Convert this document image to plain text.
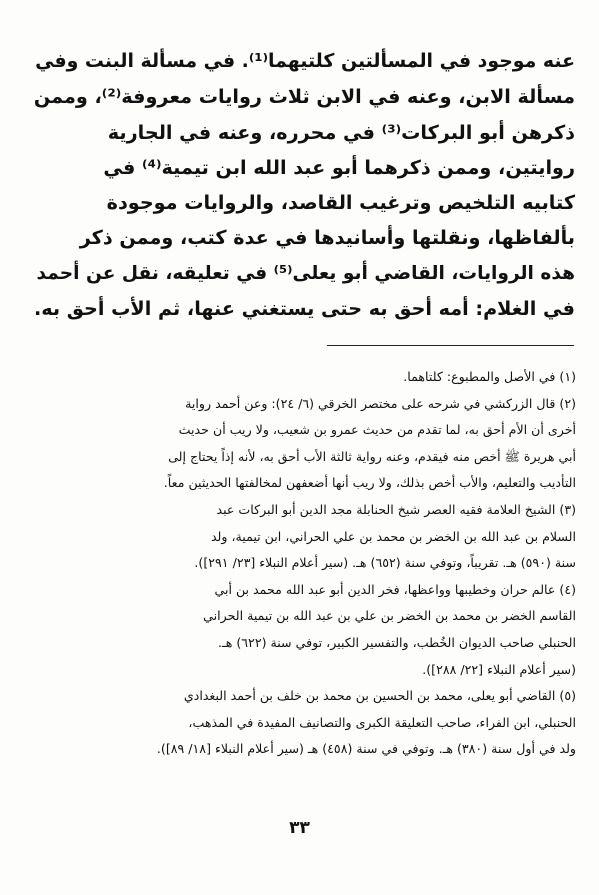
عنه موجود في المسألتين كلتيهما⁽¹⁾. في مسألة البنت وفي
مسألة الابن، وعنه في الابن ثلاث روايات معروفة⁽²⁾، وممن
ذكرهن أبو البركات⁽³⁾ في محرره، وعنه في الجارية
روايتين، وممن ذكرهما أبو عبد الله ابن تيمية⁽⁴⁾ في
كتابيه التلخيص وترغيب القاصد، والروايات موجودة
بألفاظها، ونقلتها وأسانيدها في عدة كتب، وممن ذكر
هذه الروايات، القاضي أبو يعلى⁽⁵⁾ في تعليقه، نقل عن أحمد
في الغلام: أمه أحق به حتى يستغني عنها، ثم الأب أحق به.
(١) في الأصل والمطبوع: كلتاهما.
(٢) قال الزركشي في شرحه على مختصر الخرقي (٦/ ٢٤): وعن أحمد رواية
أخرى أن الأم أحق به، لما تقدم من حديث عمرو بن شعيب، ولا ريب أن حديث
أبي هريرة ﷺ أخص منه فيقدم، وعنه رواية ثالثة الأب أحق به، لأنه إذاً يحتاج إلى
التأديب والتعليم، والأب أخص بذلك، ولا ريب أنها أضعفهن لمخالفتها الحديثين معاً.
(٣) الشيخ العلامة فقيه العصر شيخ الحنابلة مجد الدين أبو البركات عبد
السلام بن عبد الله بن الخضر بن محمد بن علي الحراني، ابن تيمية، ولد
سنة (٥٩٠) هـ. تقريباً، وتوفي سنة (٦٥٢) هـ. (سير أعلام النبلاء [٢٣/ ٢٩١]).
(٤) عالم حران وخطيبها وواعظها، فخر الدين أبو عبد الله محمد بن أبي
القاسم الخضر بن محمد بن الخضر بن علي بن عبد الله بن تيمية الحراني
الحنبلي صاحب الديوان الخُطب، والتفسير الكبير، توفي سنة (٦٢٢) هـ.
(سير أعلام النبلاء [٢٢/ ٢٨٨]).
(٥) القاضي أبو يعلى، محمد بن الحسين بن محمد بن خلف بن أحمد البغدادي
الحنبلي، ابن الفراء، صاحب التعليقة الكبرى والتصانيف المفيدة في المذهب،
ولد في أول سنة (٣٨٠) هـ. وتوفي في سنة (٤٥٨) هـ (سير أعلام النبلاء [١٨/ ٨٩]).
٣٣
